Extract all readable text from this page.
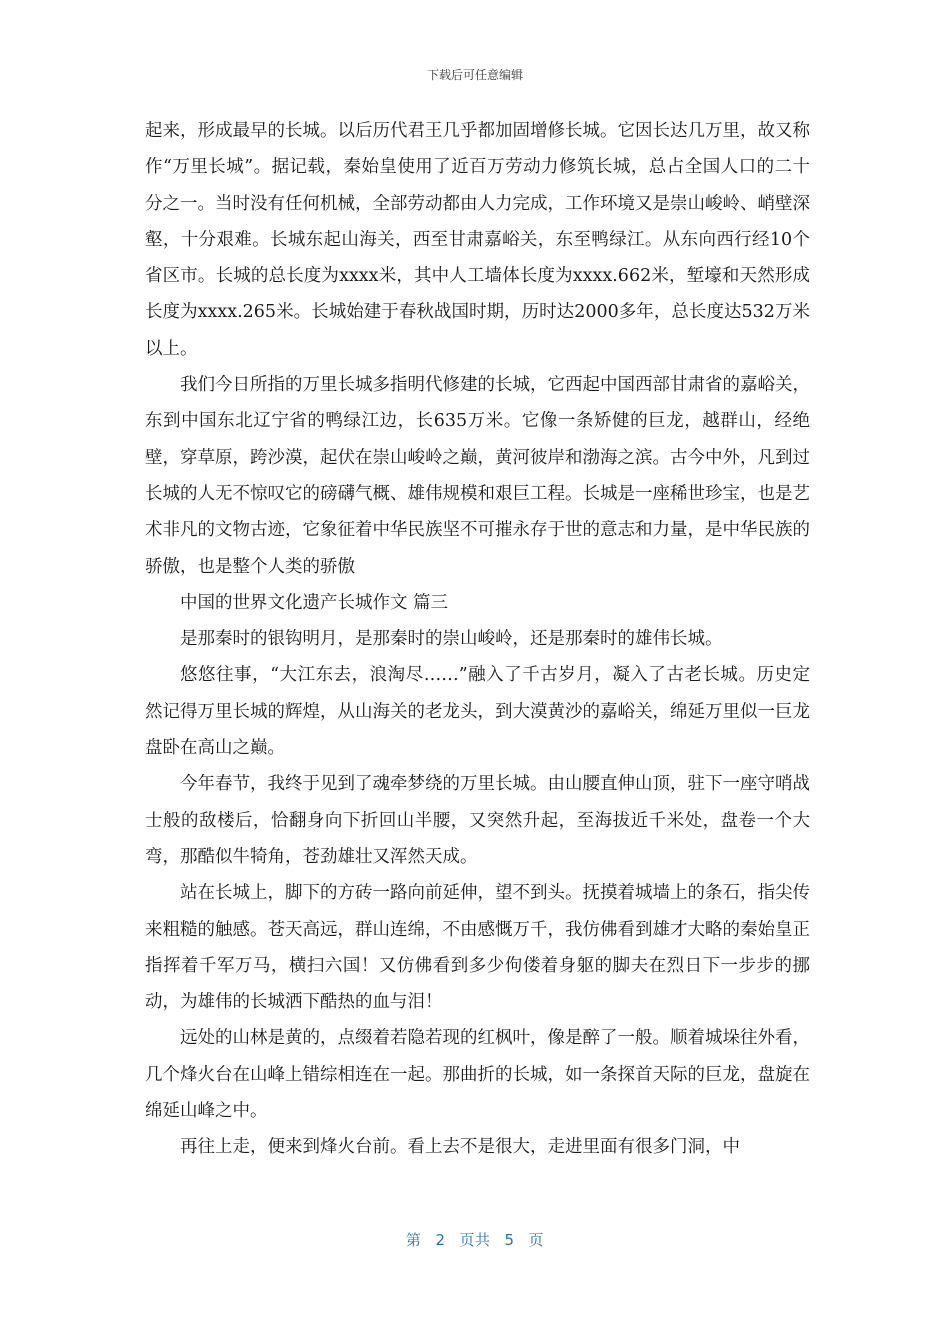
下载后可任意编辑

起来，形成最早的长城。以后历代君王几乎都加固增修长城。它因长达几万里，故又称作“万里长城”。据记载，秦始皇使用了近百万劳动力修筑长城，总占全国人口的二十分之一。当时没有任何机械，全部劳动都由人力完成，工作环境又是崇山峻岭、峭壁深壑，十分艰难。长城东起山海关，西至甘肃嘉峪关，东至鸭绿江。从东向西行经10个省区市。长城的总长度为xxxx米，其中人工墙体长度为xxxx.662米，堑壕和天然形成长度为xxxx.265米。长城始建于春秋战国时期，历时达2000多年，总长度达532万米以上。

我们今日所指的万里长城多指明代修建的长城，它西起中国西部甘肃省的嘉峪关，东到中国东北辽宁省的鸭绿江边，长635万米。它像一条矫健的巨龙，越群山，经绝壁，穿草原，跨沙漠，起伏在崇山峻岭之巅，黄河彼岸和渤海之滨。古今中外，凡到过长城的人无不惊叹它的磅礴气概、雄伟规模和艰巨工程。长城是一座稀世珍宝，也是艺术非凡的文物古迹，它象征着中华民族坚不可摧永存于世的意志和力量，是中华民族的骄傲，也是整个人类的骄傲

中国的世界文化遗产长城作文 篇三

是那秦时的银钩明月，是那秦时的崇山峻岭，还是那秦时的雄伟长城。

悠悠往事，“大江东去，浪淘尽……”融入了千古岁月，凝入了古老长城。历史定然记得万里长城的辉煌，从山海关的老龙头，到大漠黄沙的嘉峪关，绵延万里似一巨龙盘卧在高山之巅。

今年春节，我终于见到了魂牵梦绕的万里长城。由山腰直伸山顶，驻下一座守哨战士般的敌楼后，恰翻身向下折回山半腰，又突然升起，至海拔近千米处，盘卷一个大弯，那酷似牛犄角，苍劲雄壮又浑然天成。

站在长城上，脚下的方砖一路向前延伸，望不到头。抚摸着城墙上的条石，指尖传来粗糙的触感。苍天高远，群山连绵，不由感慨万千，我仿佛看到雄才大略的秦始皇正指挥着千军万马，横扫六国！又仿佛看到多少佝偻着身躯的脚夫在烈日下一步步的挪动，为雄伟的长城洒下酷热的血与泪！

远处的山林是黄的，点缀着若隐若现的红枫叶，像是醉了一般。顺着城垛往外看，几个烽火台在山峰上错综相连在一起。那曲折的长城，如一条探首天际的巨龙，盘旋在绵延山峰之中。

再往上走，便来到烽火台前。看上去不是很大，走进里面有很多门洞，中

第 2 页共 5 页
